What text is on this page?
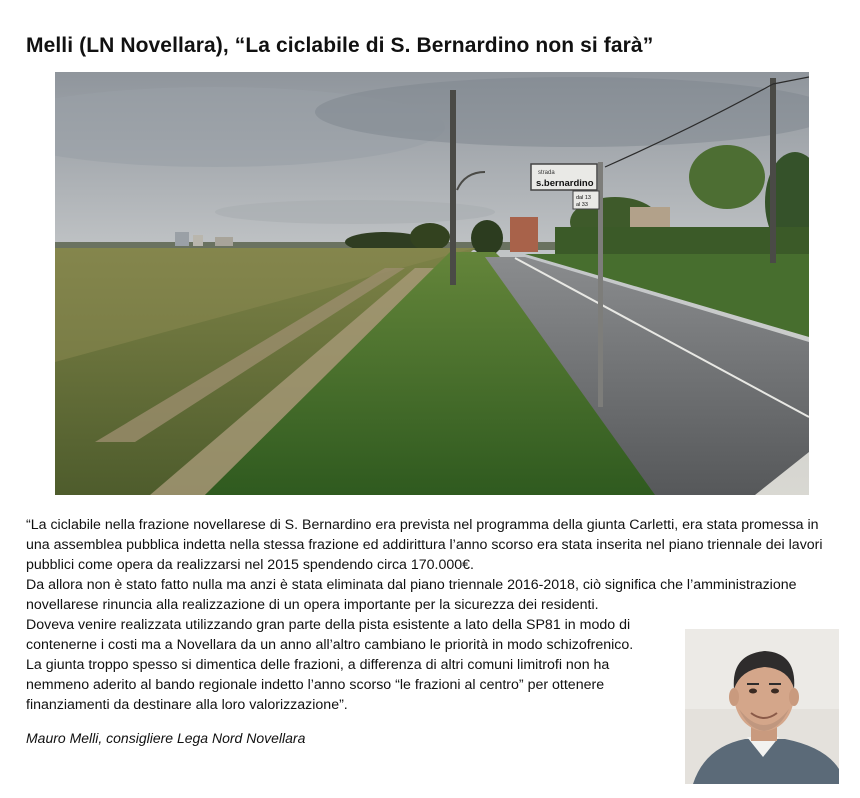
Melli (LN Novellara), “La ciclabile di S. Bernardino non si farà”
strada
s.bernardino
dal 13
al 33

“La ciclabile nella frazione novellarese di S. Bernardino era prevista nel programma della giunta Carletti, era stata promessa in una assemblea pubblica indetta nella stessa frazione ed addirittura l’anno scorso era stata inserita nel piano triennale dei lavori pubblici come opera da realizzarsi nel 2015 spendendo circa 170.000€.

Da allora non è stato fatto nulla ma anzi è stata eliminata dal piano triennale 2016-2018, ciò significa che l’amministrazione novellarese rinuncia alla realizzazione di un opera importante per la sicurezza dei residenti.

Doveva venire realizzata utilizzando gran parte della pista esistente a lato della SP81 in modo di contenerne i costi ma a Novellara da un anno all’altro cambiano le priorità in modo schizofrenico.

La giunta troppo spesso si dimentica delle frazioni, a differenza di altri comuni limitrofi non ha nemmeno aderito al bando regionale indetto l’anno scorso “le frazioni al centro” per ottenere finanziamenti da destinare alla loro valorizzazione”.

Mauro Melli, consigliere Lega Nord Novellara
